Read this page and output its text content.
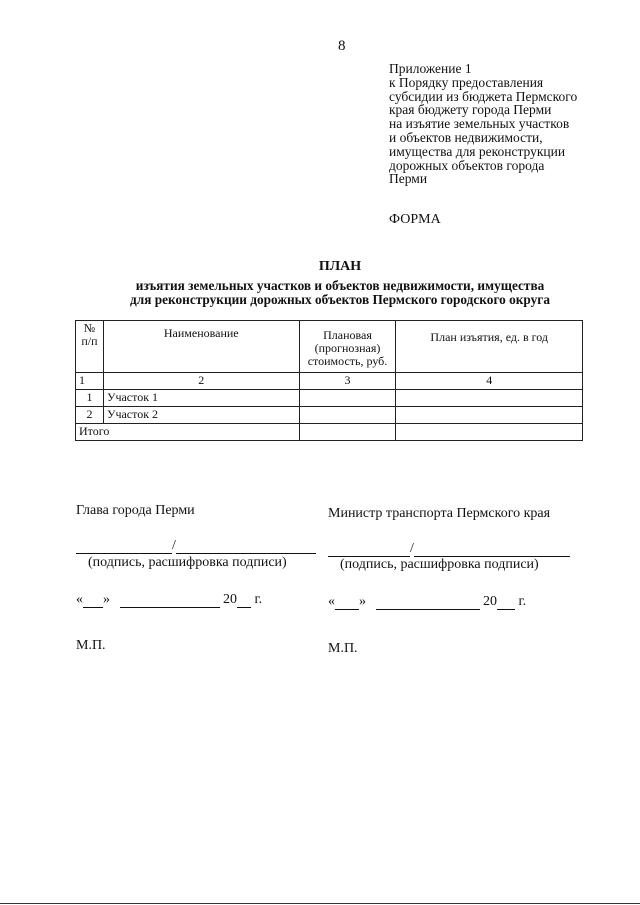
8
Приложение 1
к Порядку предоставления
субсидии из бюджета Пермского
края бюджету города Перми
на изъятие земельных участков
и объектов недвижимости,
имущества для реконструкции
дорожных объектов города
Перми
ФОРМА
ПЛАН
изъятия земельных участков и объектов недвижимости, имущества
для реконструкции дорожных объектов Пермского городского округа
№ п/п	Наименование	Плановая (прогнозная) стоимость, руб.	План изъятия, ед. в год
1	2	3	4
1	Участок 1		
2	Участок 2		
Итого			
Глава города Перми
/
(подпись, расшифровка подписи)
« »	20 г.
М.П.
Министр транспорта Пермского края
/
(подпись, расшифровка подписи)
« »	20 г.
М.П.
